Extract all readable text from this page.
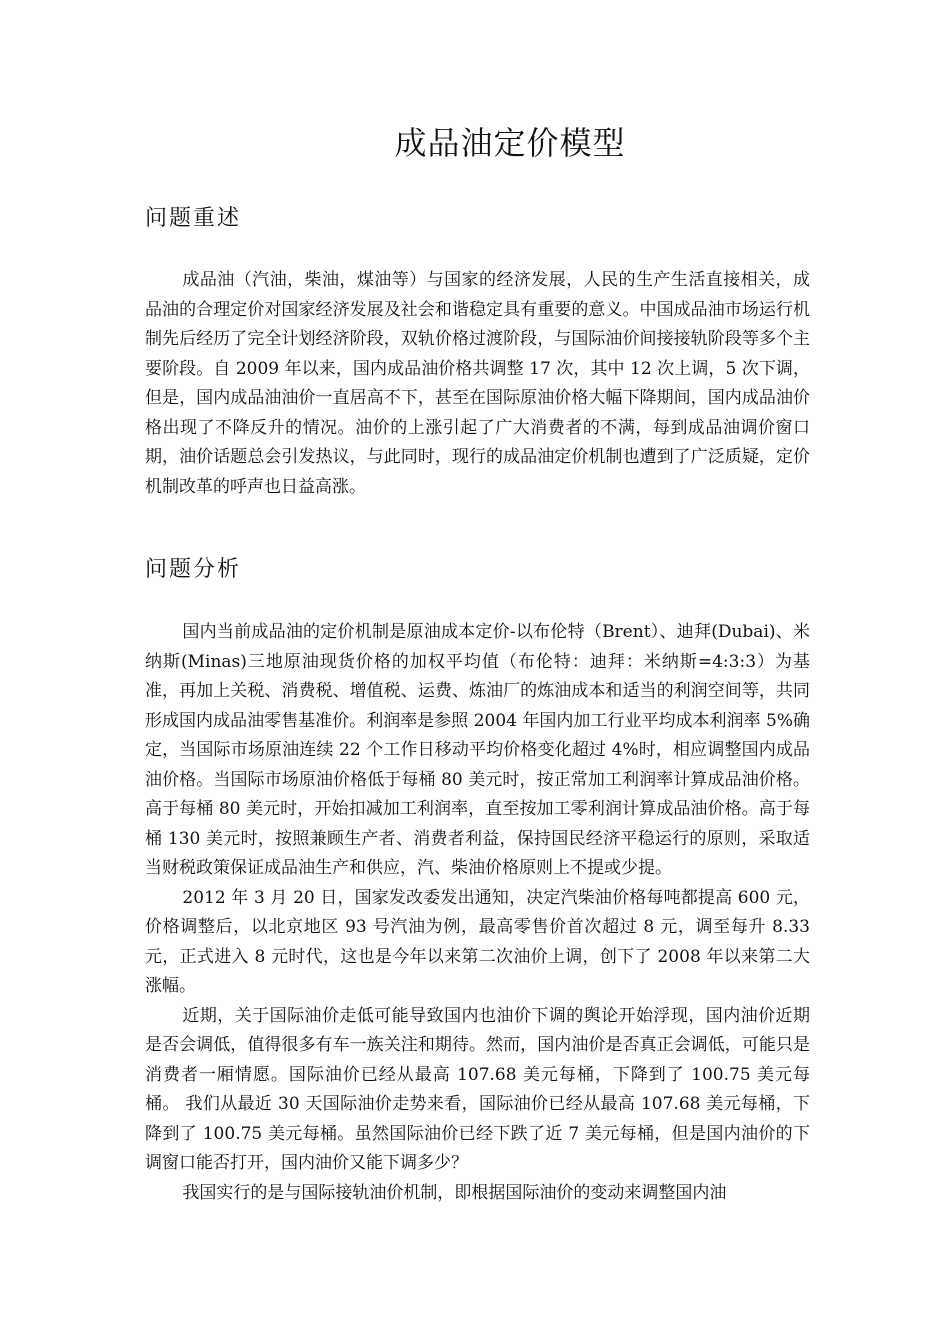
成品油定价模型
问题重述

成品油（汽油，柴油，煤油等）与国家的经济发展，人民的生产生活直接相关，成品油的合理定价对国家经济发展及社会和谐稳定具有重要的意义。中国成品油市场运行机制先后经历了完全计划经济阶段，双轨价格过渡阶段，与国际油价间接接轨阶段等多个主要阶段。自 2009 年以来，国内成品油价格共调整 17 次，其中 12 次上调，5 次下调，但是，国内成品油油价一直居高不下，甚至在国际原油价格大幅下降期间，国内成品油价格出现了不降反升的情况。油价的上涨引起了广大消费者的不满，每到成品油调价窗口期，油价话题总会引发热议，与此同时，现行的成品油定价机制也遭到了广泛质疑，定价机制改革的呼声也日益高涨。

问题分析

国内当前成品油的定价机制是原油成本定价-以布伦特（Brent）、迪拜(Dubai)、米纳斯(Minas)三地原油现货价格的加权平均值（布伦特：迪拜：米纳斯=4:3:3）为基准，再加上关税、消费税、增值税、运费、炼油厂的炼油成本和适当的利润空间等，共同形成国内成品油零售基准价。利润率是参照 2004 年国内加工行业平均成本利润率 5%确定，当国际市场原油连续 22 个工作日移动平均价格变化超过 4%时，相应调整国内成品油价格。当国际市场原油价格低于每桶 80 美元时，按正常加工利润率计算成品油价格。高于每桶 80 美元时，开始扣减加工利润率，直至按加工零利润计算成品油价格。高于每桶 130 美元时，按照兼顾生产者、消费者利益，保持国民经济平稳运行的原则，采取适当财税政策保证成品油生产和供应，汽、柴油价格原则上不提或少提。

2012 年 3 月 20 日，国家发改委发出通知，决定汽柴油价格每吨都提高 600 元，价格调整后，以北京地区 93 号汽油为例，最高零售价首次超过 8 元，调至每升 8.33 元，正式进入 8 元时代，这也是今年以来第二次油价上调，创下了 2008 年以来第二大涨幅。

近期，关于国际油价走低可能导致国内也油价下调的舆论开始浮现，国内油价近期是否会调低，值得很多有车一族关注和期待。然而，国内油价是否真正会调低，可能只是消费者一厢情愿。国际油价已经从最高 107.68 美元每桶，下降到了 100.75 美元每桶。 我们从最近 30 天国际油价走势来看，国际油价已经从最高 107.68 美元每桶，下降到了 100.75 美元每桶。虽然国际油价已经下跌了近 7 美元每桶，但是国内油价的下调窗口能否打开，国内油价又能下调多少？

我国实行的是与国际接轨油价机制，即根据国际油价的变动来调整国内油
